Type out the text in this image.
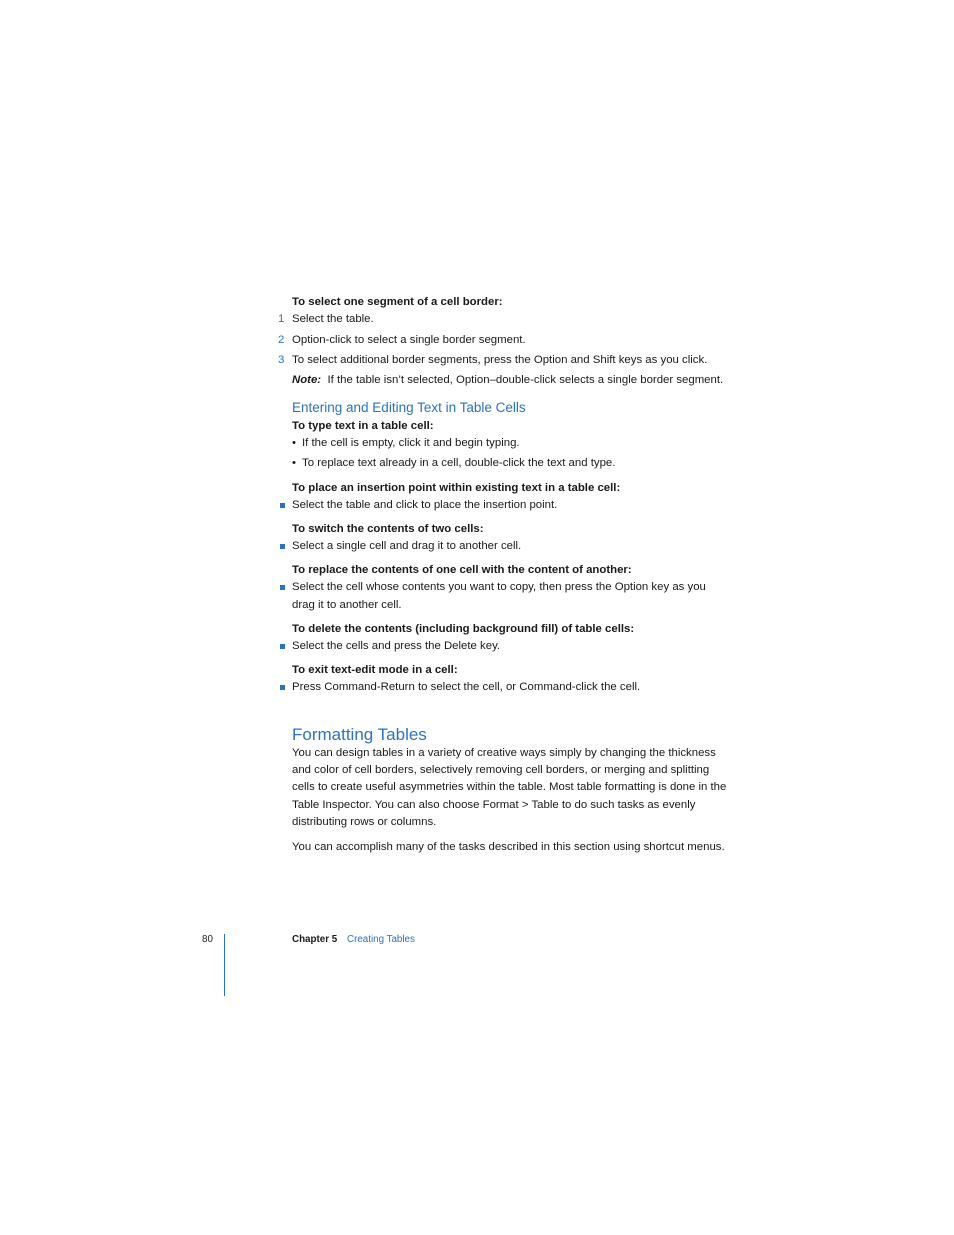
To select one segment of a cell border:
1 Select the table.
2 Option-click to select a single border segment.
3 To select additional border segments, press the Option and Shift keys as you click.
Note: If the table isn’t selected, Option–double-click selects a single border segment.
Entering and Editing Text in Table Cells
To type text in a table cell:
• If the cell is empty, click it and begin typing.
• To replace text already in a cell, double-click the text and type.
To place an insertion point within existing text in a table cell:
Select the table and click to place the insertion point.
To switch the contents of two cells:
Select a single cell and drag it to another cell.
To replace the contents of one cell with the content of another:
Select the cell whose contents you want to copy, then press the Option key as you
drag it to another cell.
To delete the contents (including background fill) of table cells:
Select the cells and press the Delete key.
To exit text-edit mode in a cell:
Press Command-Return to select the cell, or Command-click the cell.
Formatting Tables
You can design tables in a variety of creative ways simply by changing the thickness and color of cell borders, selectively removing cell borders, or merging and splitting cells to create useful asymmetries within the table. Most table formatting is done in the Table Inspector. You can also choose Format > Table to do such tasks as evenly distributing rows or columns.
You can accomplish many of the tasks described in this section using shortcut menus.
80	Chapter 5 Creating Tables
